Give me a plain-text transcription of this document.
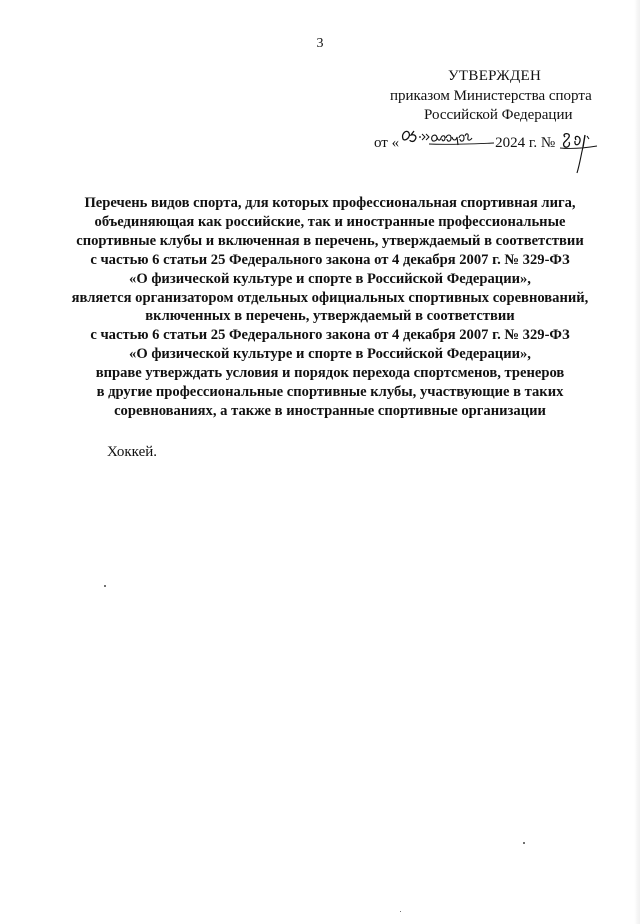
3
УТВЕРЖДЕН
приказом Министерства спорта
Российской Федерации
от «	2024 г. №
Перечень видов спорта, для которых профессиональная спортивная лига,
объединяющая как российские, так и иностранные профессиональные
спортивные клубы и включенная в перечень, утверждаемый в соответствии
с частью 6 статьи 25 Федерального закона от 4 декабря 2007 г. № 329-ФЗ
«О физической культуре и спорте в Российской Федерации»,
является организатором отдельных официальных спортивных соревнований,
включенных в перечень, утверждаемый в соответствии
с частью 6 статьи 25 Федерального закона от 4 декабря 2007 г. № 329-ФЗ
«О физической культуре и спорте в Российской Федерации»,
вправе утверждать условия и порядок перехода спортсменов, тренеров
в другие профессиональные спортивные клубы, участвующие в таких
соревнованиях, а также в иностранные спортивные организации
Хоккей.
